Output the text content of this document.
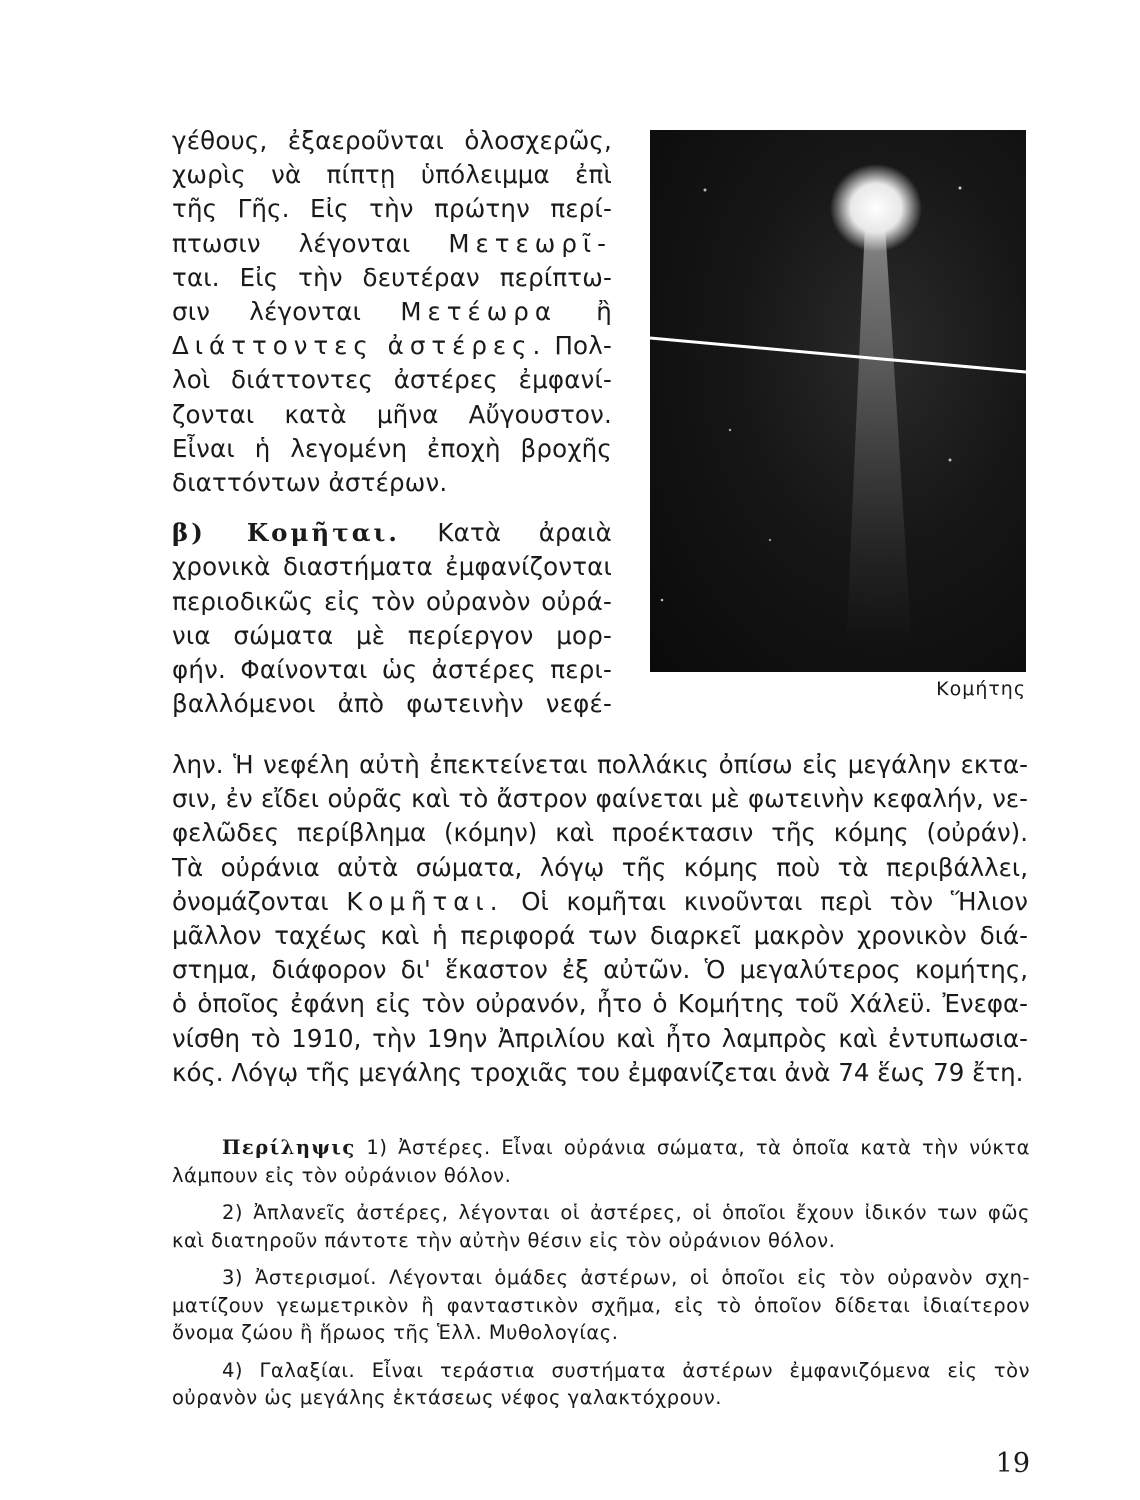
γέθους, ἐξαεροῦνται ὁλοσχερῶς,
χωρὶς νὰ πίπτῃ ὑπόλειμμα ἐπὶ
τῆς Γῆς. Εἰς τὴν πρώτην περί-
πτωσιν λέγονται Μετεωρῖ-
ται. Εἰς τὴν δευτέραν περίπτω-
σιν λέγονται Μετέωρα ἢ
Διάττοντες ἀστέρες. Πολ-
λοὶ διάττοντες ἀστέρες ἐμφανί-
ζονται κατὰ μῆνα Αὔγουστον.
Εἶναι ἡ λεγομένη ἐποχὴ βροχῆς
διαττόντων ἀστέρων.
β) Κομῆται. Κατὰ ἀραιὰ
χρονικὰ διαστήματα ἐμφανίζονται
περιοδικῶς εἰς τὸν οὐρανὸν οὐρά-
νια σώματα μὲ περίεργον μορ-
φήν. Φαίνονται ὡς ἀστέρες περι-
βαλλόμενοι ἀπὸ φωτεινὴν νεφέ-
Κομήτης
λην. Ἡ νεφέλη αὐτὴ ἐπεκτείνεται πολλάκις ὀπίσω εἰς μεγάλην εκτα-
σιν, ἐν εἴδει οὐρᾶς καὶ τὸ ἄστρον φαίνεται μὲ φωτεινὴν κεφαλήν, νε-
φελῶδες περίβλημα (κόμην) καὶ προέκτασιν τῆς κόμης (οὐράν).
Τὰ οὐράνια αὐτὰ σώματα, λόγῳ τῆς κόμης ποὺ τὰ περιβάλλει,
ὀνομάζονται Κομῆται. Οἱ κομῆται κινοῦνται περὶ τὸν Ἥλιον
μᾶλλον ταχέως καὶ ἡ περιφορά των διαρκεῖ μακρὸν χρονικὸν διά-
στημα, διάφορον δι' ἕκαστον ἐξ αὐτῶν. Ὁ μεγαλύτερος κομήτης,
ὁ ὁποῖος ἐφάνη εἰς τὸν οὐρανόν, ἦτο ὁ Κομήτης τοῦ Χάλεϋ. Ἐνεφα-
νίσθη τὸ 1910, τὴν 19ην Ἀπριλίου καὶ ἦτο λαμπρὸς καὶ ἐντυπωσια-
κός. Λόγῳ τῆς μεγάλης τροχιᾶς του ἐμφανίζεται ἀνὰ 74 ἕως 79 ἔτη.
Περίληψις 1) Ἀστέρες. Εἶναι οὐράνια σώματα, τὰ ὁποῖα κατὰ τὴν νύκτα
λάμπουν εἰς τὸν οὐράνιον θόλον.
2) Ἀπλανεῖς ἀστέρες, λέγονται οἱ ἀστέρες, οἱ ὁποῖοι ἔχουν ἰδικόν των φῶς
καὶ διατηροῦν πάντοτε τὴν αὐτὴν θέσιν εἰς τὸν οὐράνιον θόλον.
3) Ἀστερισμοί. Λέγονται ὁμάδες ἀστέρων, οἱ ὁποῖοι εἰς τὸν οὐρανὸν σχη-
ματίζουν γεωμετρικὸν ἢ φανταστικὸν σχῆμα, εἰς τὸ ὁποῖον δίδεται ἰδιαίτερον
ὄνομα ζώου ἢ ἥρωος τῆς Ἑλλ. Μυθολογίας.
4) Γαλαξίαι. Εἶναι τεράστια συστήματα ἀστέρων ἐμφανιζόμενα εἰς τὸν
οὐρανὸν ὡς μεγάλης ἐκτάσεως νέφος γαλακτόχρουν.
19
